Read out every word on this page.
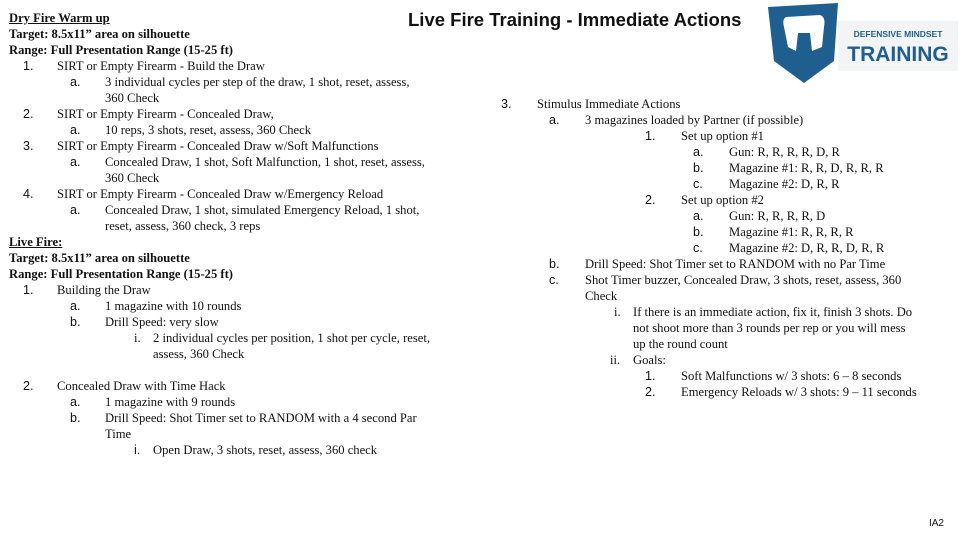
Live Fire Training - Immediate Actions
DEFENSIVE MINDSET
TRAINING
Dry Fire Warm up
Target: 8.5x11” area on silhouette
Range: Full Presentation Range (15-25 ft)
1. SIRT or Empty Firearm - Build the Draw
a. 3 individual cycles per step of the draw, 1 shot, reset, assess,
360 Check
2. SIRT or Empty Firearm - Concealed Draw,
a. 10 reps, 3 shots, reset, assess, 360 Check
3. SIRT or Empty Firearm - Concealed Draw w/Soft Malfunctions
a. Concealed Draw, 1 shot, Soft Malfunction, 1 shot, reset, assess,
360 Check
4. SIRT or Empty Firearm - Concealed Draw w/Emergency Reload
a. Concealed Draw, 1 shot, simulated Emergency Reload, 1 shot,
reset, assess, 360 check, 3 reps
Live Fire:
Target: 8.5x11” area on silhouette
Range: Full Presentation Range (15-25 ft)
1. Building the Draw
a. 1 magazine with 10 rounds
b. Drill Speed: very slow
i. 2 individual cycles per position, 1 shot per cycle, reset,
assess, 360 Check
2. Concealed Draw with Time Hack
a. 1 magazine with 9 rounds
b. Drill Speed: Shot Timer set to RANDOM with a 4 second Par
Time
i. Open Draw, 3 shots, reset, assess, 360 check
3. Stimulus Immediate Actions
a. 3 magazines loaded by Partner (if possible)
1. Set up option #1
a. Gun: R, R, R, R, D, R
b. Magazine #1: R, R, D, R, R, R
c. Magazine #2: D, R, R
2. Set up option #2
a. Gun: R, R, R, R, D
b. Magazine #1: R, R, R, R
c. Magazine #2: D, R, R, D, R, R
b. Drill Speed: Shot Timer set to RANDOM with no Par Time
c. Shot Timer buzzer, Concealed Draw, 3 shots, reset, assess, 360
Check
i. If there is an immediate action, fix it, finish 3 shots. Do
not shoot more than 3 rounds per rep or you will mess
up the round count
ii. Goals:
1. Soft Malfunctions w/ 3 shots: 6 – 8 seconds
2. Emergency Reloads w/ 3 shots: 9 – 11 seconds
IA2
